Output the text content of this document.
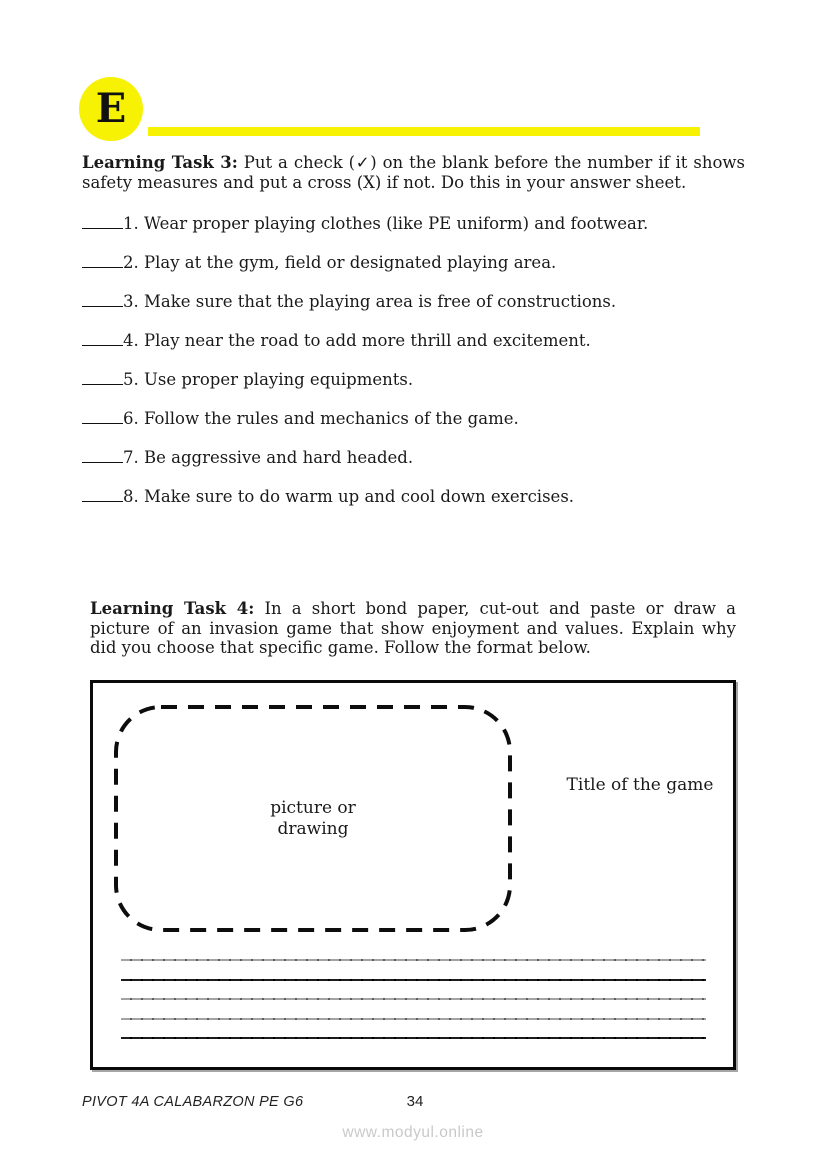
E

Learning Task 3: Put a check (✓) on the blank before the number if it shows safety measures and put a cross (X) if not. Do this in your answer sheet.

1. Wear proper playing clothes (like PE uniform) and footwear.
2. Play at the gym, field or designated playing area.
3. Make sure that the playing area is free of constructions.
4. Play near the road to add more thrill and excitement.
5. Use proper playing equipments.
6. Follow the rules and mechanics of the game.
7. Be aggressive and hard headed.
8. Make sure to do warm up and cool down exercises.

Learning Task 4: In a short bond paper, cut-out and paste or draw a picture of an invasion game that show enjoyment and values. Explain why did you choose that specific game. Follow the format below.

picture or
drawing
Title of the game
PIVOT 4A CALABARZON PE G6	34
www.modyul.online
